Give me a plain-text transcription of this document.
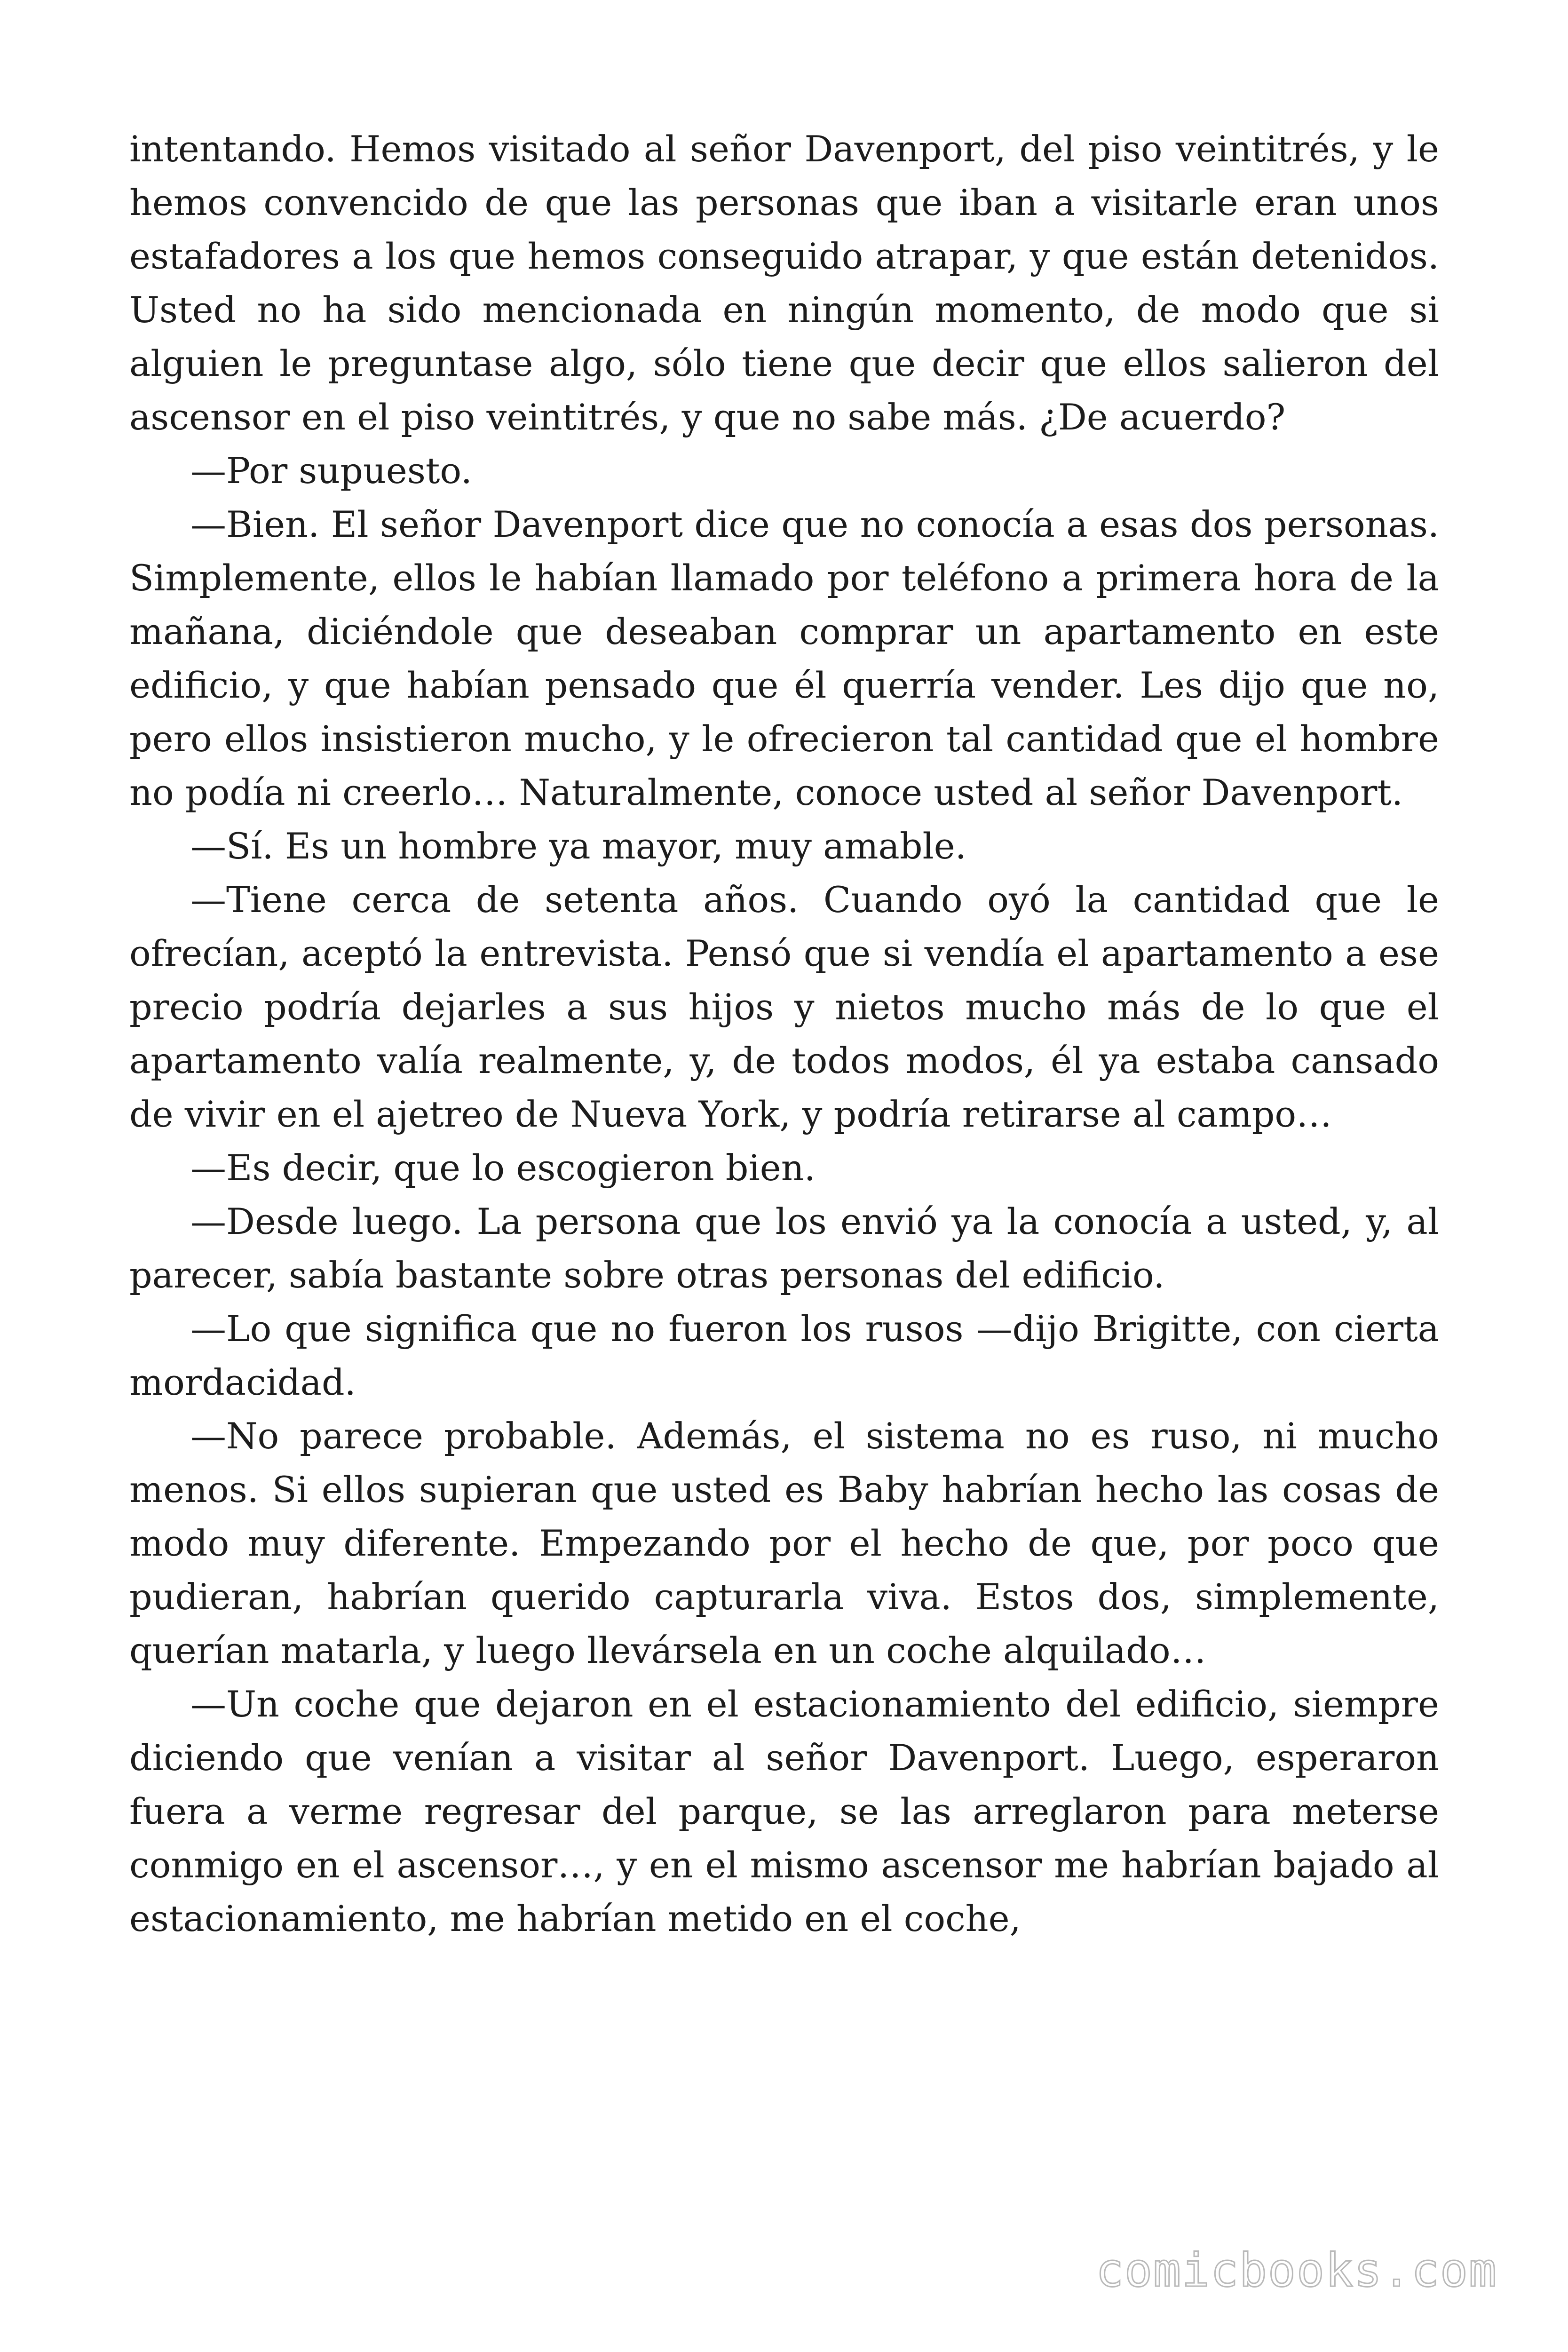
intentando. Hemos visitado al señor Davenport, del piso veintitrés, y le hemos convencido de que las personas que iban a visitarle eran unos estafadores a los que hemos conseguido atrapar, y que están detenidos. Usted no ha sido mencionada en ningún momento, de modo que si alguien le preguntase algo, sólo tiene que decir que ellos salieron del ascensor en el piso veintitrés, y que no sabe más. ¿De acuerdo?

—Por supuesto.

—Bien. El señor Davenport dice que no conocía a esas dos personas. Simplemente, ellos le habían llamado por teléfono a primera hora de la mañana, diciéndole que deseaban comprar un apartamento en este edificio, y que habían pensado que él querría vender. Les dijo que no, pero ellos insistieron mucho, y le ofrecieron tal cantidad que el hombre no podía ni creerlo… Naturalmente, conoce usted al señor Davenport.

—Sí. Es un hombre ya mayor, muy amable.

—Tiene cerca de setenta años. Cuando oyó la cantidad que le ofrecían, aceptó la entrevista. Pensó que si vendía el apartamento a ese precio podría dejarles a sus hijos y nietos mucho más de lo que el apartamento valía realmente, y, de todos modos, él ya estaba cansado de vivir en el ajetreo de Nueva York, y podría retirarse al campo…

—Es decir, que lo escogieron bien.

—Desde luego. La persona que los envió ya la conocía a usted, y, al parecer, sabía bastante sobre otras personas del edificio.

—Lo que significa que no fueron los rusos —dijo Brigitte, con cierta mordacidad.

—No parece probable. Además, el sistema no es ruso, ni mucho menos. Si ellos supieran que usted es Baby habrían hecho las cosas de modo muy diferente. Empezando por el hecho de que, por poco que pudieran, habrían querido capturarla viva. Estos dos, simplemente, querían matarla, y luego llevársela en un coche alquilado…

—Un coche que dejaron en el estacionamiento del edificio, siempre diciendo que venían a visitar al señor Davenport. Luego, esperaron fuera a verme regresar del parque, se las arreglaron para meterse conmigo en el ascensor…, y en el mismo ascensor me habrían bajado al estacionamiento, me habrían metido en el coche,

comicbooks.com
